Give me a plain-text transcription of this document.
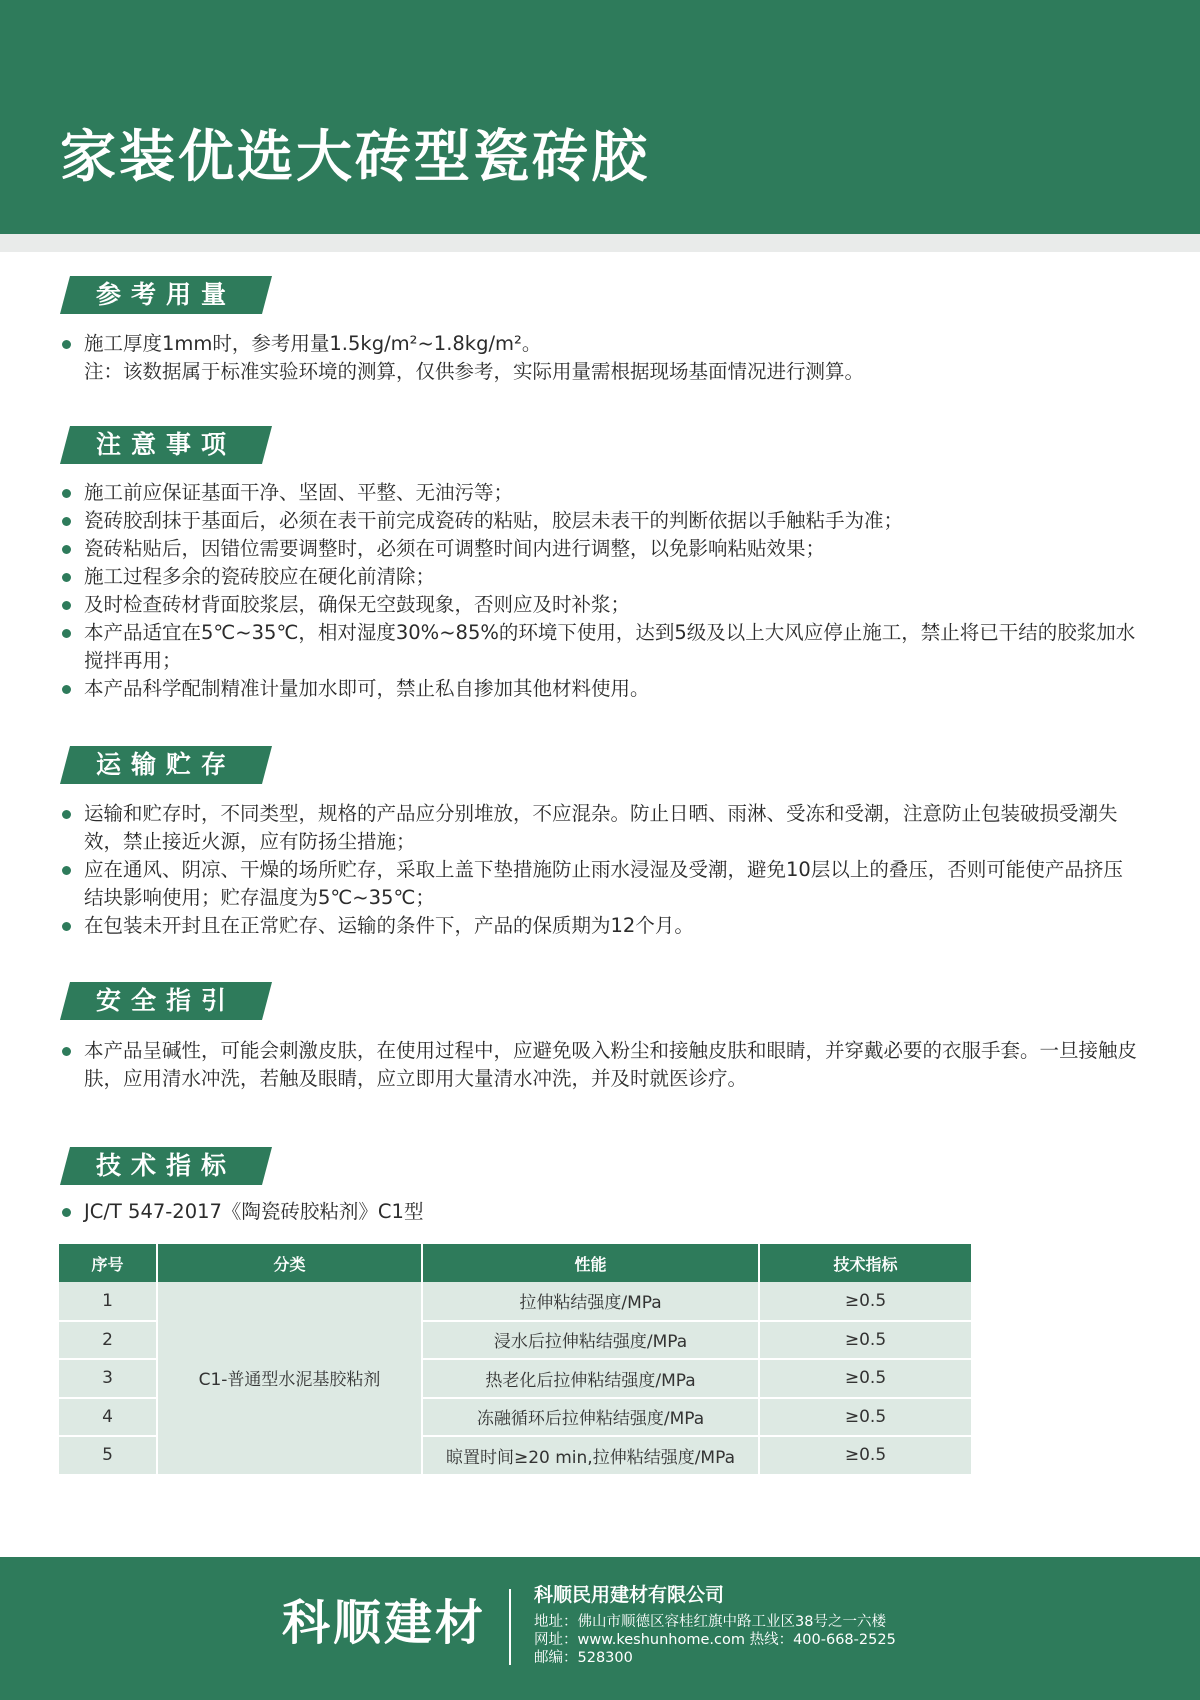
家装优选大砖型瓷砖胶
参考用量
施工厚度1mm时，参考用量1.5kg/m²~1.8kg/m²。
注：该数据属于标准实验环境的测算，仅供参考，实际用量需根据现场基面情况进行测算。
注意事项
施工前应保证基面干净、坚固、平整、无油污等；
瓷砖胶刮抹于基面后，必须在表干前完成瓷砖的粘贴，胶层未表干的判断依据以手触粘手为准；
瓷砖粘贴后，因错位需要调整时，必须在可调整时间内进行调整，以免影响粘贴效果；
施工过程多余的瓷砖胶应在硬化前清除；
及时检查砖材背面胶浆层，确保无空鼓现象，否则应及时补浆；
本产品适宜在5℃~35℃，相对湿度30%~85%的环境下使用，达到5级及以上大风应停止施工，禁止将已干结的胶浆加水搅拌再用；
本产品科学配制精准计量加水即可，禁止私自掺加其他材料使用。
运输贮存
运输和贮存时，不同类型，规格的产品应分别堆放，不应混杂。防止日晒、雨淋、受冻和受潮，注意防止包装破损受潮失效，禁止接近火源，应有防扬尘措施；
应在通风、阴凉、干燥的场所贮存，采取上盖下垫措施防止雨水浸湿及受潮，避免10层以上的叠压，否则可能使产品挤压结块影响使用；贮存温度为5℃~35℃；
在包装未开封且在正常贮存、运输的条件下，产品的保质期为12个月。
安全指引
本产品呈碱性，可能会刺激皮肤，在使用过程中，应避免吸入粉尘和接触皮肤和眼睛，并穿戴必要的衣服手套。一旦接触皮肤，应用清水冲洗，若触及眼睛，应立即用大量清水冲洗，并及时就医诊疗。
技术指标
JC/T 547-2017《陶瓷砖胶粘剂》C1型
序号	分类	性能	技术指标
1	C1-普通型水泥基胶粘剂	拉伸粘结强度/MPa	≥0.5
2		浸水后拉伸粘结强度/MPa	≥0.5
3		热老化后拉伸粘结强度/MPa	≥0.5
4		冻融循环后拉伸粘结强度/MPa	≥0.5
5		晾置时间≥20 min,拉伸粘结强度/MPa	≥0.5
科顺建材	科顺民用建材有限公司
地址：佛山市顺德区容桂红旗中路工业区38号之一六楼
网址：www.keshunhome.com 热线：400-668-2525
邮编：528300
